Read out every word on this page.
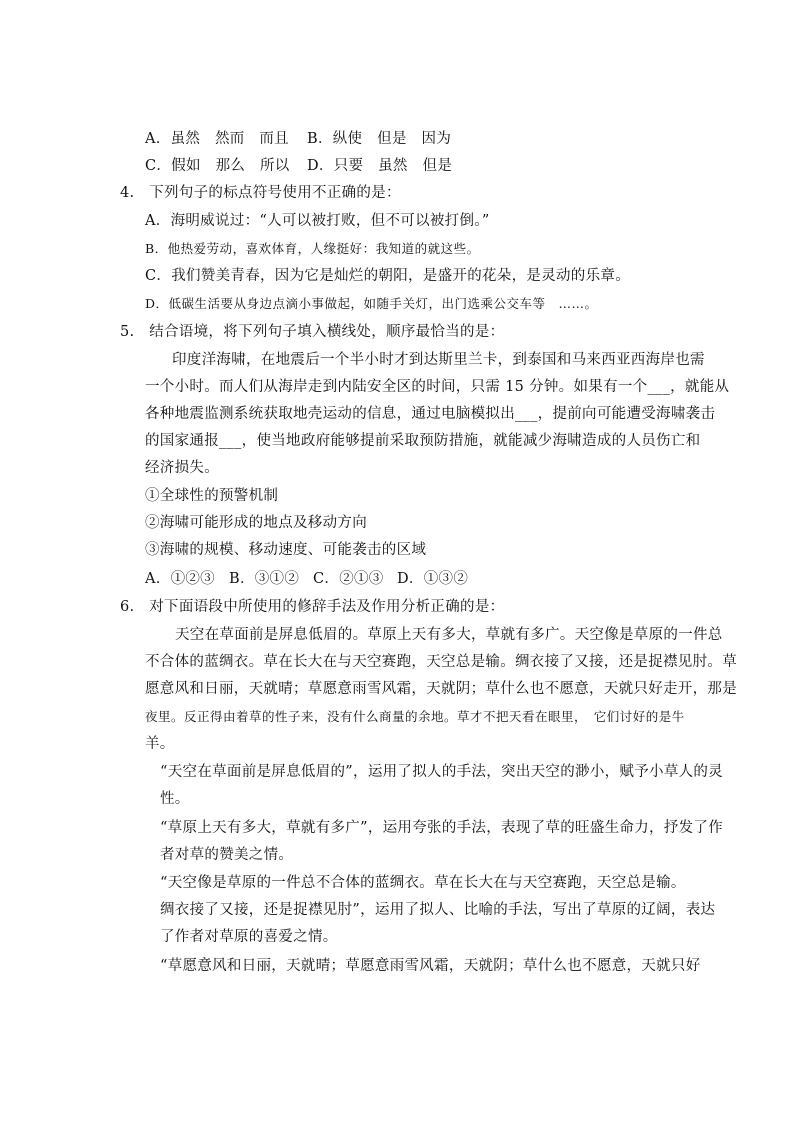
A．虽然　然而　而且 B．纵使　但是　因为
C．假如　那么　所以 D．只要　虽然　但是
4.　下列句子的标点符号使用不正确的是：
A．海明威说过：“人可以被打败，但不可以被打倒。”
B．他热爱劳动，喜欢体育，人缘挺好：我知道的就这些。
C．我们赞美青春，因为它是灿烂的朝阳，是盛开的花朵，是灵动的乐章。
D．低碳生活要从身边点滴小事做起，如随手关灯，出门选乘公交车等　……。
5.　结合语境，将下列句子填入横线处，顺序最恰当的是：
印度洋海啸，在地震后一个半小时才到达斯里兰卡，到泰国和马来西亚西海岸也需
一个小时。而人们从海岸走到内陆安全区的时间，只需 15 分钟。如果有一个___，就能从
各种地震监测系统获取地壳运动的信息，通过电脑模拟出___，提前向可能遭受海啸袭击
的国家通报___，使当地政府能够提前采取预防措施，就能减少海啸造成的人员伤亡和
经济损失。
①全球性的预警机制
②海啸可能形成的地点及移动方向
③海啸的规模、移动速度、可能袭击的区域
A．①②③ B．③①② C．②①③ D．①③②
6.　对下面语段中所使用的修辞手法及作用分析正确的是：
天空在草面前是屏息低眉的。草原上天有多大，草就有多广。天空像是草原的一件总
不合体的蓝绸衣。草在长大在与天空赛跑，天空总是输。绸衣接了又接，还是捉襟见肘。草
愿意风和日丽，天就晴；草愿意雨雪风霜，天就阴；草什么也不愿意，天就只好走开，那是
夜里。反正得由着草的性子来，没有什么商量的余地。草才不把天看在眼里，　它们讨好的是牛
羊。
“天空在草面前是屏息低眉的”，运用了拟人的手法，突出天空的渺小，赋予小草人的灵
性。
“草原上天有多大，草就有多广”，运用夸张的手法，表现了草的旺盛生命力，抒发了作
者对草的赞美之情。
“天空像是草原的一件总不合体的蓝绸衣。草在长大在与天空赛跑，天空总是输。
绸衣接了又接，还是捉襟见肘”，运用了拟人、比喻的手法，写出了草原的辽阔，表达
了作者对草原的喜爱之情。
“草愿意风和日丽，天就晴；草愿意雨雪风霜，天就阴；草什么也不愿意，天就只好
